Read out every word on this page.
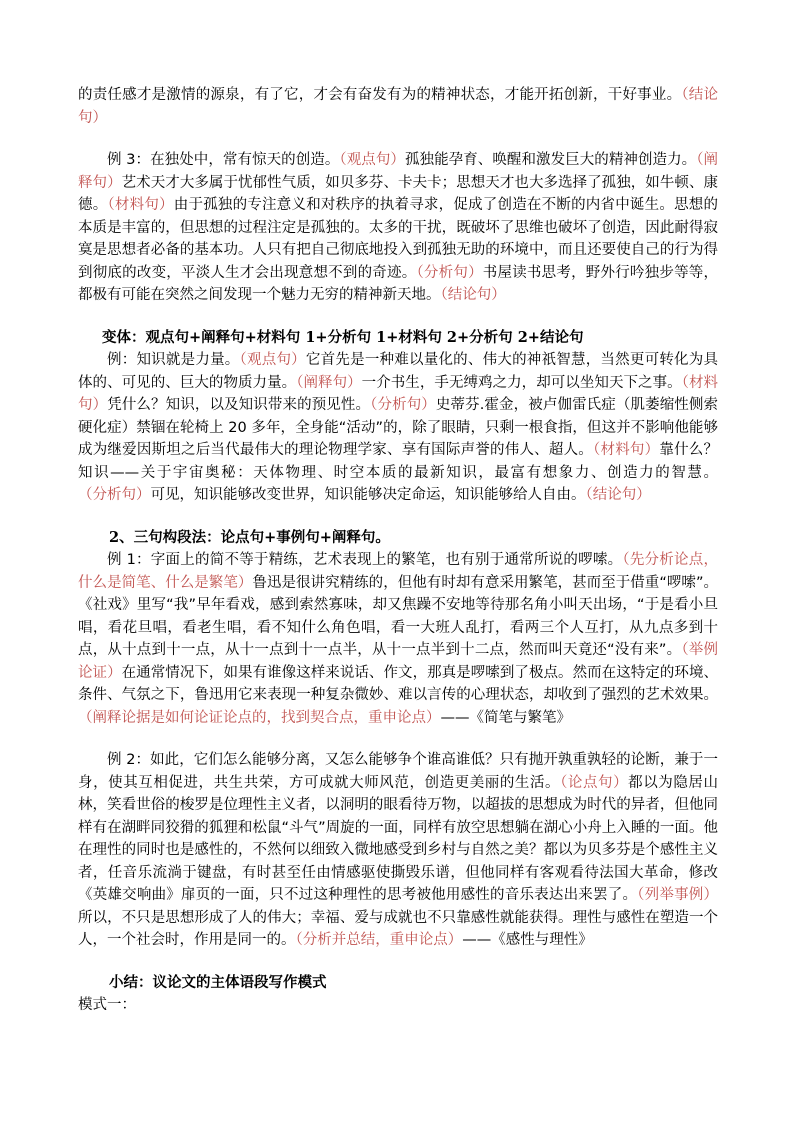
的责任感才是激情的源泉，有了它，才会有奋发有为的精神状态，才能开拓创新，干好事业。（结论句）

例 3：在独处中，常有惊天的创造。（观点句）孤独能孕育、唤醒和激发巨大的精神创造力。（阐释句）艺术天才大多属于忧郁性气质，如贝多芬、卡夫卡；思想天才也大多选择了孤独，如牛顿、康德。（材料句）由于孤独的专注意义和对秩序的执着寻求，促成了创造在不断的内省中诞生。思想的本质是丰富的，但思想的过程注定是孤独的。太多的干扰，既破坏了思维也破坏了创造，因此耐得寂寞是思想者必备的基本功。人只有把自己彻底地投入到孤独无助的环境中，而且还要使自己的行为得到彻底的改变，平淡人生才会出现意想不到的奇迹。（分析句）书屋读书思考，野外行吟独步等等，都极有可能在突然之间发现一个魅力无穷的精神新天地。（结论句）

变体：观点句+阐释句+材料句 1+分析句 1+材料句 2+分析句 2+结论句

例：知识就是力量。（观点句）它首先是一种难以量化的、伟大的神祇智慧，当然更可转化为具体的、可见的、巨大的物质力量。（阐释句）一介书生，手无缚鸡之力，却可以坐知天下之事。（材料句）凭什么？知识，以及知识带来的预见性。（分析句）史蒂芬.霍金，被卢伽雷氏症（肌萎缩性侧索硬化症）禁锢在轮椅上 20 多年，全身能“活动”的，除了眼睛，只剩一根食指，但这并不影响他能够成为继爱因斯坦之后当代最伟大的理论物理学家、享有国际声誉的伟人、超人。（材料句）靠什么？知识——关于宇宙奥秘：天体物理、时空本质的最新知识，最富有想象力、创造力的智慧。（分析句）可见，知识能够改变世界，知识能够决定命运，知识能够给人自由。（结论句）

2、三句构段法：论点句+事例句+阐释句。

例 1：字面上的简不等于精练，艺术表现上的繁笔，也有别于通常所说的啰嗦。（先分析论点，什么是简笔、什么是繁笔）鲁迅是很讲究精练的，但他有时却有意采用繁笔，甚而至于借重“啰嗦”。《社戏》里写“我”早年看戏，感到索然寡味，却又焦躁不安地等待那名角小叫天出场，“于是看小旦唱，看花旦唱，看老生唱，看不知什么角色唱，看一大班人乱打，看两三个人互打，从九点多到十点，从十点到十一点，从十一点到十一点半，从十一点半到十二点，然而叫天竟还“没有来”。（举例论证）在通常情况下，如果有谁像这样来说话、作文，那真是啰嗦到了极点。然而在这特定的环境、条件、气氛之下，鲁迅用它来表现一种复杂微妙、难以言传的心理状态，却收到了强烈的艺术效果。（阐释论据是如何论证论点的，找到契合点，重申论点）——《简笔与繁笔》

例 2：如此，它们怎么能够分离，又怎么能够争个谁高谁低？只有抛开孰重孰轻的论断，兼于一身，使其互相促进，共生共荣，方可成就大师风范，创造更美丽的生活。（论点句）都以为隐居山林，笑看世俗的梭罗是位理性主义者，以洞明的眼看待万物，以超拔的思想成为时代的异者，但他同样有在湖畔同狡猾的狐狸和松鼠“斗气”周旋的一面，同样有放空思想躺在湖心小舟上入睡的一面。他在理性的同时也是感性的，不然何以细致入微地感受到乡村与自然之美？都以为贝多芬是个感性主义者，任音乐流淌于键盘，有时甚至任由情感驱使撕毁乐谱，但他同样有客观看待法国大革命，修改《英雄交响曲》扉页的一面，只不过这种理性的思考被他用感性的音乐表达出来罢了。（列举事例）所以，不只是思想形成了人的伟大；幸福、爱与成就也不只靠感性就能获得。理性与感性在塑造一个人，一个社会时，作用是同一的。（分析并总结，重申论点）——《感性与理性》

小结：议论文的主体语段写作模式

模式一：
